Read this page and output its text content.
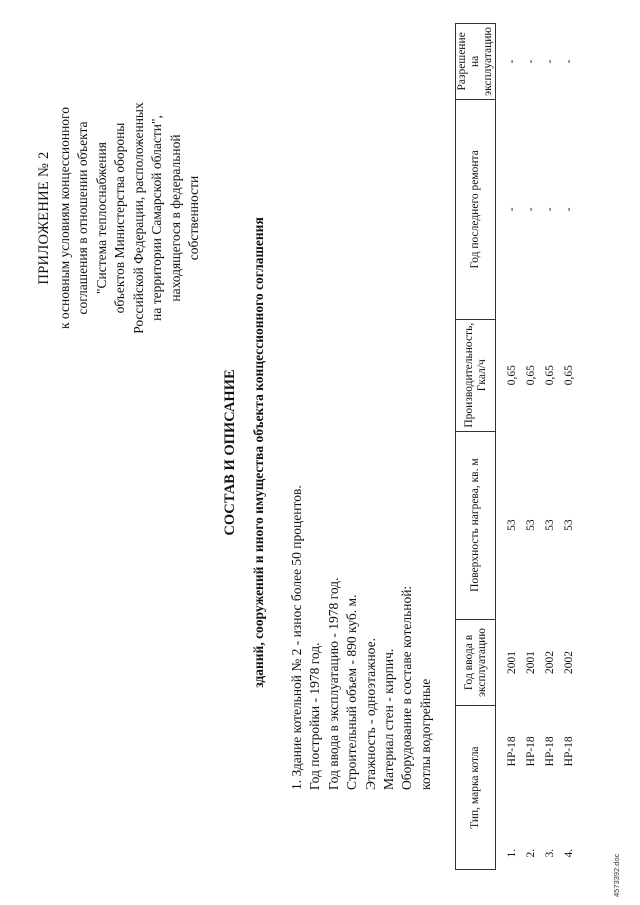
ПРИЛОЖЕНИЕ № 2 к основным условиям концессионного соглашения в отношении объекта "Система теплоснабжения объектов Министерства обороны Российской Федерации, расположенных на территории Самарской области", находящегося в федеральной собственности
СОСТАВ И ОПИСАНИЕ зданий, сооружений и иного имущества объекта концессионного соглашения 1. Здание котельной № 2 - износ более 50 процентов. Год постройки - 1978 год. Год ввода в эксплуатацию - 1978 год. Строительный объем - 890 куб. м. Этажность - одноэтажное. Материал стен - кирпич. Оборудование в составе котельной: котлы водогрейные	Тип, марка котла		Год ввода в эксплуатацию	Поверхность нагрева, кв. м	Производительность, Гкал/ч	Год последнего ремонта	Разрешение на эксплуатацию
1.	НР-18	2001	53	0,65	-	-
2.	НР-18	2001	53	0,65	-	-
3.	НР-18	2002	53	0,65	-	-
4.	НР-18	2002	53	0,65	-	-
4573392.doc
